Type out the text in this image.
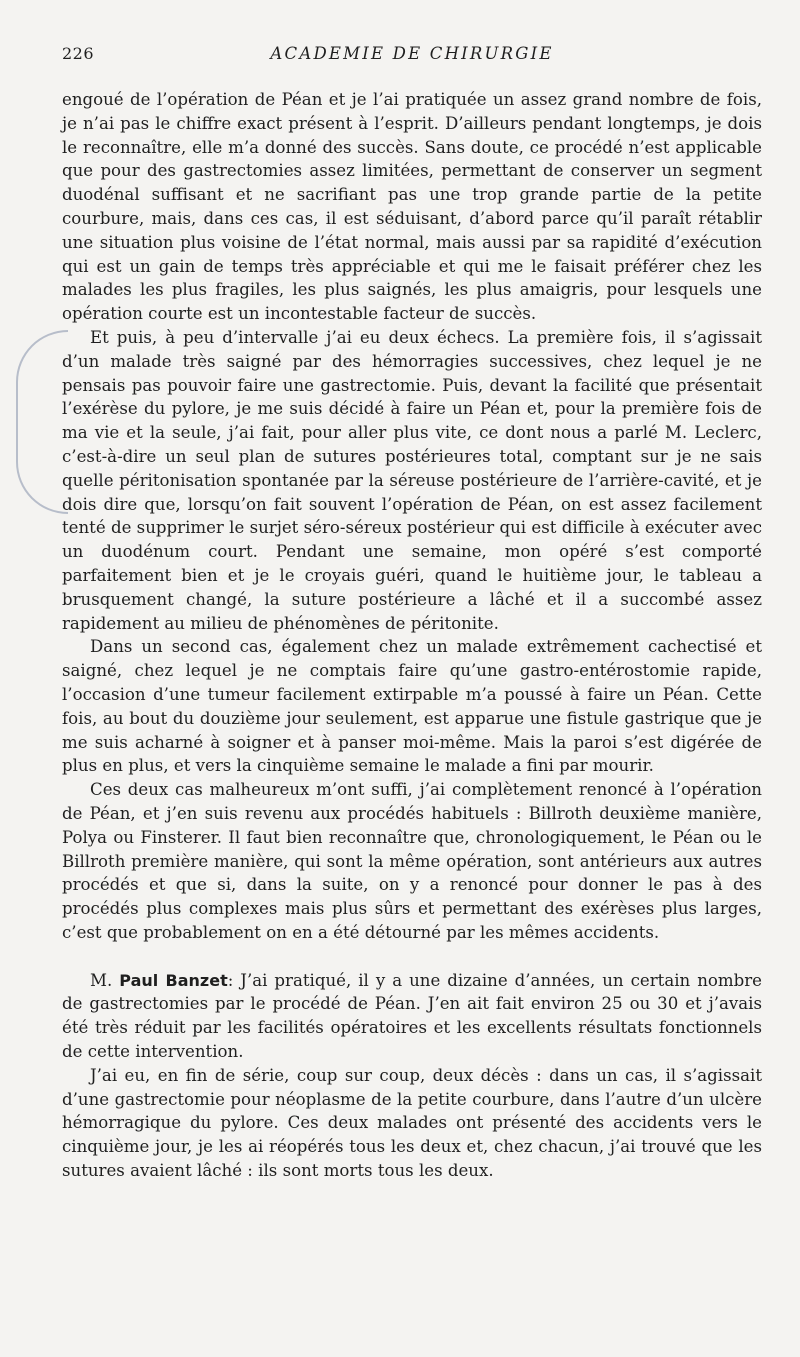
226	ACADEMIE DE CHIRURGIE

engoué de l’opération de Péan et je l’ai pratiquée un assez grand nombre de fois, je n’ai pas le chiffre exact présent à l’esprit. D’ailleurs pendant longtemps, je dois le reconnaître, elle m’a donné des succès. Sans doute, ce procédé n’est applicable que pour des gastrectomies assez limitées, permettant de conserver un segment duodénal suffisant et ne sacrifiant pas une trop grande partie de la petite courbure, mais, dans ces cas, il est séduisant, d’abord parce qu’il paraît rétablir une situation plus voisine de l’état normal, mais aussi par sa rapidité d’exécution qui est un gain de temps très appréciable et qui me le faisait préférer chez les malades les plus fragiles, les plus saignés, les plus amaigris, pour lesquels une opération courte est un incontestable facteur de succès.

Et puis, à peu d’intervalle j’ai eu deux échecs. La première fois, il s’agissait d’un malade très saigné par des hémorragies successives, chez lequel je ne pensais pas pouvoir faire une gastrectomie. Puis, devant la facilité que présentait l’exérèse du pylore, je me suis décidé à faire un Péan et, pour la première fois de ma vie et la seule, j’ai fait, pour aller plus vite, ce dont nous a parlé M. Leclerc, c’est-à-dire un seul plan de sutures postérieures total, comptant sur je ne sais quelle péritonisation spontanée par la séreuse postérieure de l’arrière-cavité, et je dois dire que, lorsqu’on fait souvent l’opération de Péan, on est assez facilement tenté de supprimer le surjet séro-séreux postérieur qui est difficile à exécuter avec un duodénum court. Pendant une semaine, mon opéré s’est comporté parfaitement bien et je le croyais guéri, quand le huitième jour, le tableau a brusquement changé, la suture postérieure a lâché et il a succombé assez rapidement au milieu de phénomènes de péritonite.

Dans un second cas, également chez un malade extrêmement cachectisé et saigné, chez lequel je ne comptais faire qu’une gastro-entérostomie rapide, l’occasion d’une tumeur facilement extirpable m’a poussé à faire un Péan. Cette fois, au bout du douzième jour seulement, est apparue une fistule gastrique que je me suis acharné à soigner et à panser moi-même. Mais la paroi s’est digérée de plus en plus, et vers la cinquième semaine le malade a fini par mourir.

Ces deux cas malheureux m’ont suffi, j’ai complètement renoncé à l’opération de Péan, et j’en suis revenu aux procédés habituels : Billroth deuxième manière, Polya ou Finsterer. Il faut bien reconnaître que, chronologiquement, le Péan ou le Billroth première manière, qui sont la même opération, sont antérieurs aux autres procédés et que si, dans la suite, on y a renoncé pour donner le pas à des procédés plus complexes mais plus sûrs et permettant des exérèses plus larges, c’est que probablement on en a été détourné par les mêmes accidents.

M. Paul Banzet: J’ai pratiqué, il y a une dizaine d’années, un certain nombre de gastrectomies par le procédé de Péan. J’en ait fait environ 25 ou 30 et j’avais été très réduit par les facilités opératoires et les excellents résultats fonctionnels de cette intervention.

J’ai eu, en fin de série, coup sur coup, deux décès : dans un cas, il s’agissait d’une gastrectomie pour néoplasme de la petite courbure, dans l’autre d’un ulcère hémorragique du pylore. Ces deux malades ont présenté des accidents vers le cinquième jour, je les ai réopérés tous les deux et, chez chacun, j’ai trouvé que les sutures avaient lâché : ils sont morts tous les deux.
